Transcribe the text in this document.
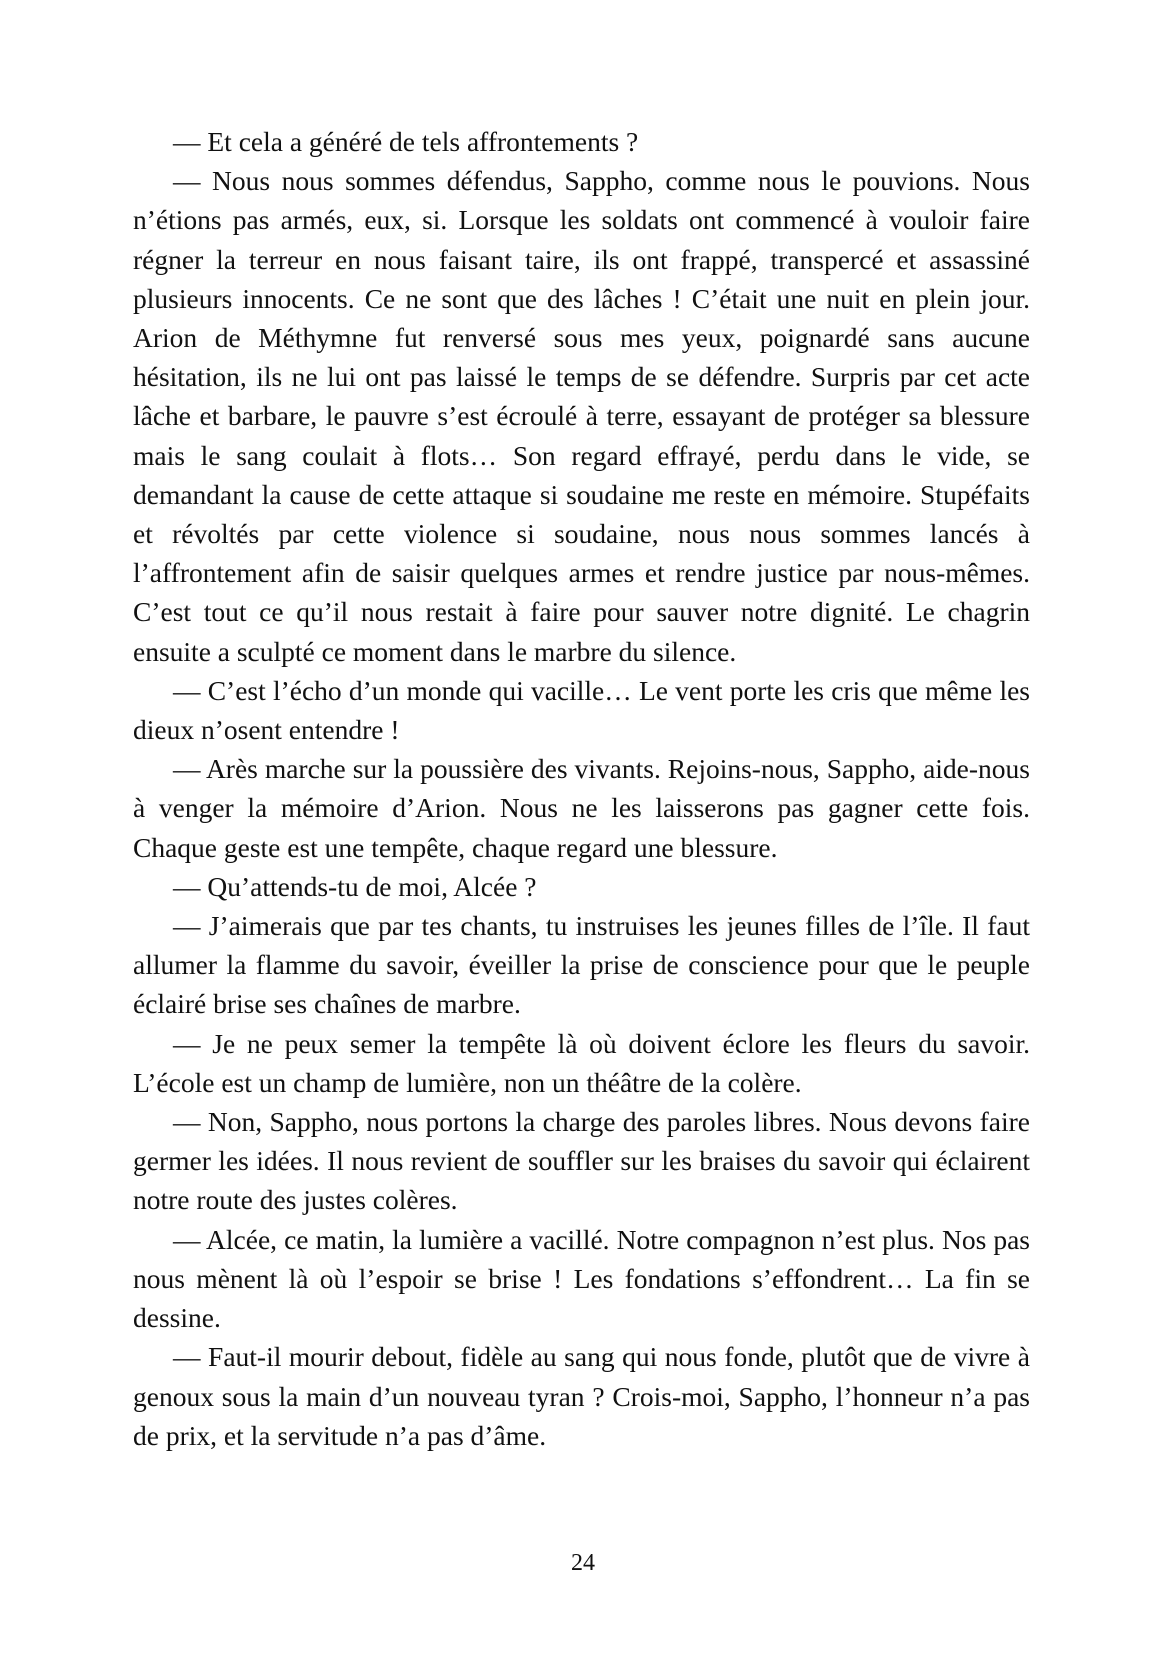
— Et cela a généré de tels affrontements ?

— Nous nous sommes défendus, Sappho, comme nous le pouvions. Nous n’étions pas armés, eux, si. Lorsque les soldats ont commencé à vouloir faire régner la terreur en nous faisant taire, ils ont frappé, transpercé et assassiné plusieurs innocents. Ce ne sont que des lâches ! C’était une nuit en plein jour. Arion de Méthymne fut renversé sous mes yeux, poignardé sans aucune hésitation, ils ne lui ont pas laissé le temps de se défendre. Surpris par cet acte lâche et barbare, le pauvre s’est écroulé à terre, essayant de protéger sa blessure mais le sang coulait à flots… Son regard effrayé, perdu dans le vide, se demandant la cause de cette attaque si soudaine me reste en mémoire. Stupéfaits et révoltés par cette violence si soudaine, nous nous sommes lancés à l’affrontement afin de saisir quelques armes et rendre justice par nous-mêmes. C’est tout ce qu’il nous restait à faire pour sauver notre dignité. Le chagrin ensuite a sculpté ce moment dans le marbre du silence.

— C’est l’écho d’un monde qui vacille… Le vent porte les cris que même les dieux n’osent entendre !

— Arès marche sur la poussière des vivants. Rejoins-nous, Sappho, aide-nous à venger la mémoire d’Arion. Nous ne les laisserons pas gagner cette fois. Chaque geste est une tempête, chaque regard une blessure.

— Qu’attends-tu de moi, Alcée ?

— J’aimerais que par tes chants, tu instruises les jeunes filles de l’île. Il faut allumer la flamme du savoir, éveiller la prise de conscience pour que le peuple éclairé brise ses chaînes de marbre.

— Je ne peux semer la tempête là où doivent éclore les fleurs du savoir. L’école est un champ de lumière, non un théâtre de la colère.

— Non, Sappho, nous portons la charge des paroles libres. Nous devons faire germer les idées. Il nous revient de souffler sur les braises du savoir qui éclairent notre route des justes colères.

— Alcée, ce matin, la lumière a vacillé. Notre compagnon n’est plus. Nos pas nous mènent là où l’espoir se brise ! Les fondations s’effondrent… La fin se dessine.

— Faut-il mourir debout, fidèle au sang qui nous fonde, plutôt que de vivre à genoux sous la main d’un nouveau tyran ? Crois-moi, Sappho, l’honneur n’a pas de prix, et la servitude n’a pas d’âme.

24
